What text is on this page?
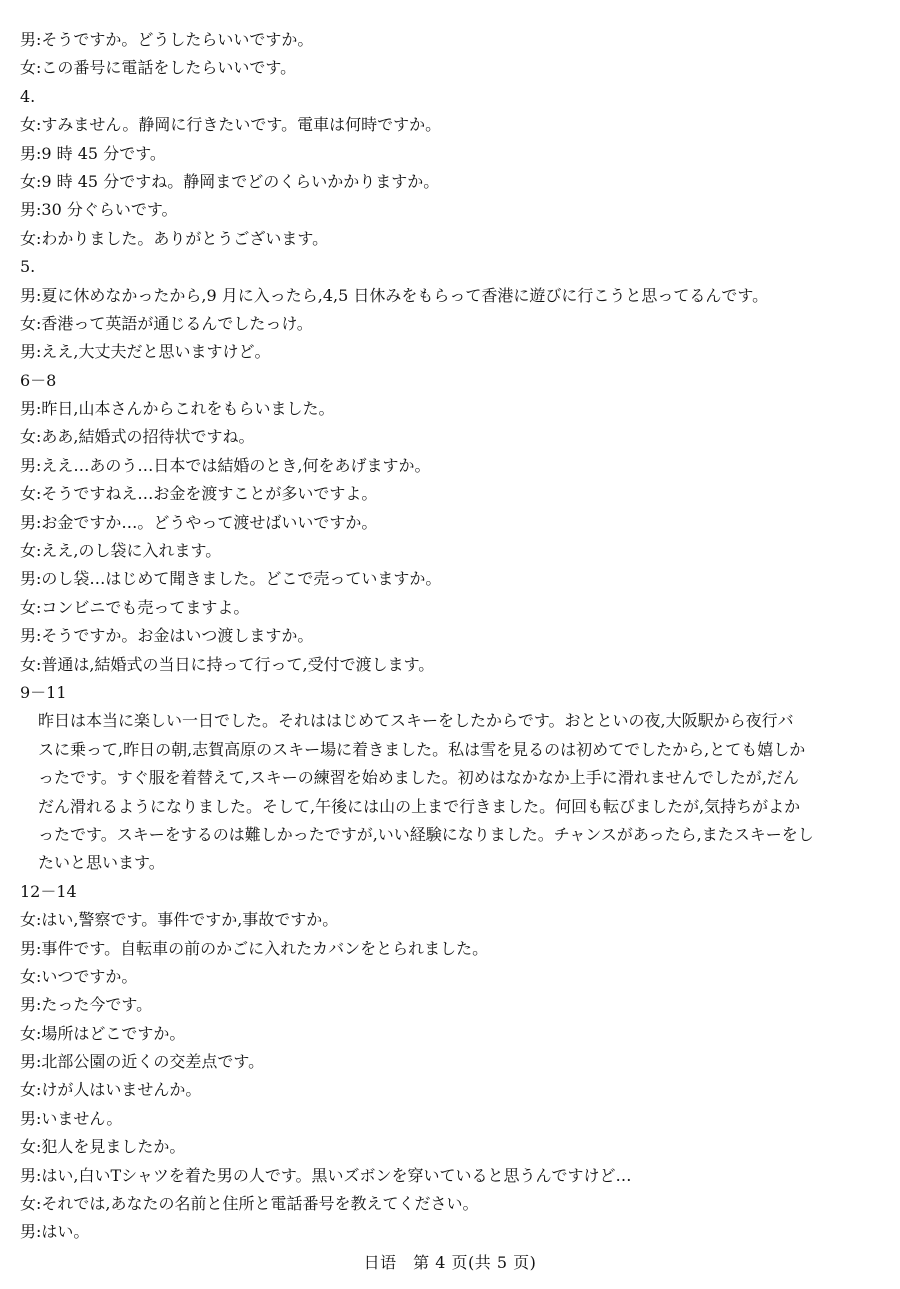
男:そうですか。どうしたらいいですか。
女:この番号に電話をしたらいいです。
4.
女:すみません。静岡に行きたいです。電車は何時ですか。
男:9 時 45 分です。
女:9 時 45 分ですね。静岡までどのくらいかかりますか。
男:30 分ぐらいです。
女:わかりました。ありがとうございます。
5.
男:夏に休めなかったから,9 月に入ったら,4,5 日休みをもらって香港に遊びに行こうと思ってるんです。
女:香港って英語が通じるんでしたっけ。
男:ええ,大丈夫だと思いますけど。
6－8
男:昨日,山本さんからこれをもらいました。
女:ああ,結婚式の招待状ですね。
男:ええ…あのう…日本では結婚のとき,何をあげますか。
女:そうですねえ…お金を渡すことが多いですよ。
男:お金ですか…。どうやって渡せばいいですか。
女:ええ,のし袋に入れます。
男:のし袋…はじめて聞きました。どこで売っていますか。
女:コンビニでも売ってますよ。
男:そうですか。お金はいつ渡しますか。
女:普通は,結婚式の当日に持って行って,受付で渡します。
9－11
昨日は本当に楽しい一日でした。それははじめてスキーをしたからです。おとといの夜,大阪駅から夜行バ
スに乗って,昨日の朝,志賀高原のスキー場に着きました。私は雪を見るのは初めてでしたから,とても嬉しか
ったです。すぐ服を着替えて,スキーの練習を始めました。初めはなかなか上手に滑れませんでしたが,だん
だん滑れるようになりました。そして,午後には山の上まで行きました。何回も転びましたが,気持ちがよか
ったです。スキーをするのは難しかったですが,いい経験になりました。チャンスがあったら,またスキーをし
たいと思います。
12－14
女:はい,警察です。事件ですか,事故ですか。
男:事件です。自転車の前のかごに入れたカバンをとられました。
女:いつですか。
男:たった今です。
女:場所はどこですか。
男:北部公園の近くの交差点です。
女:けが人はいませんか。
男:いません。
女:犯人を見ましたか。
男:はい,白いTシャツを着た男の人です。黒いズボンを穿いていると思うんですけど…
女:それでは,あなたの名前と住所と電話番号を教えてください。
男:はい。
日语　第 4 页(共 5 页)
